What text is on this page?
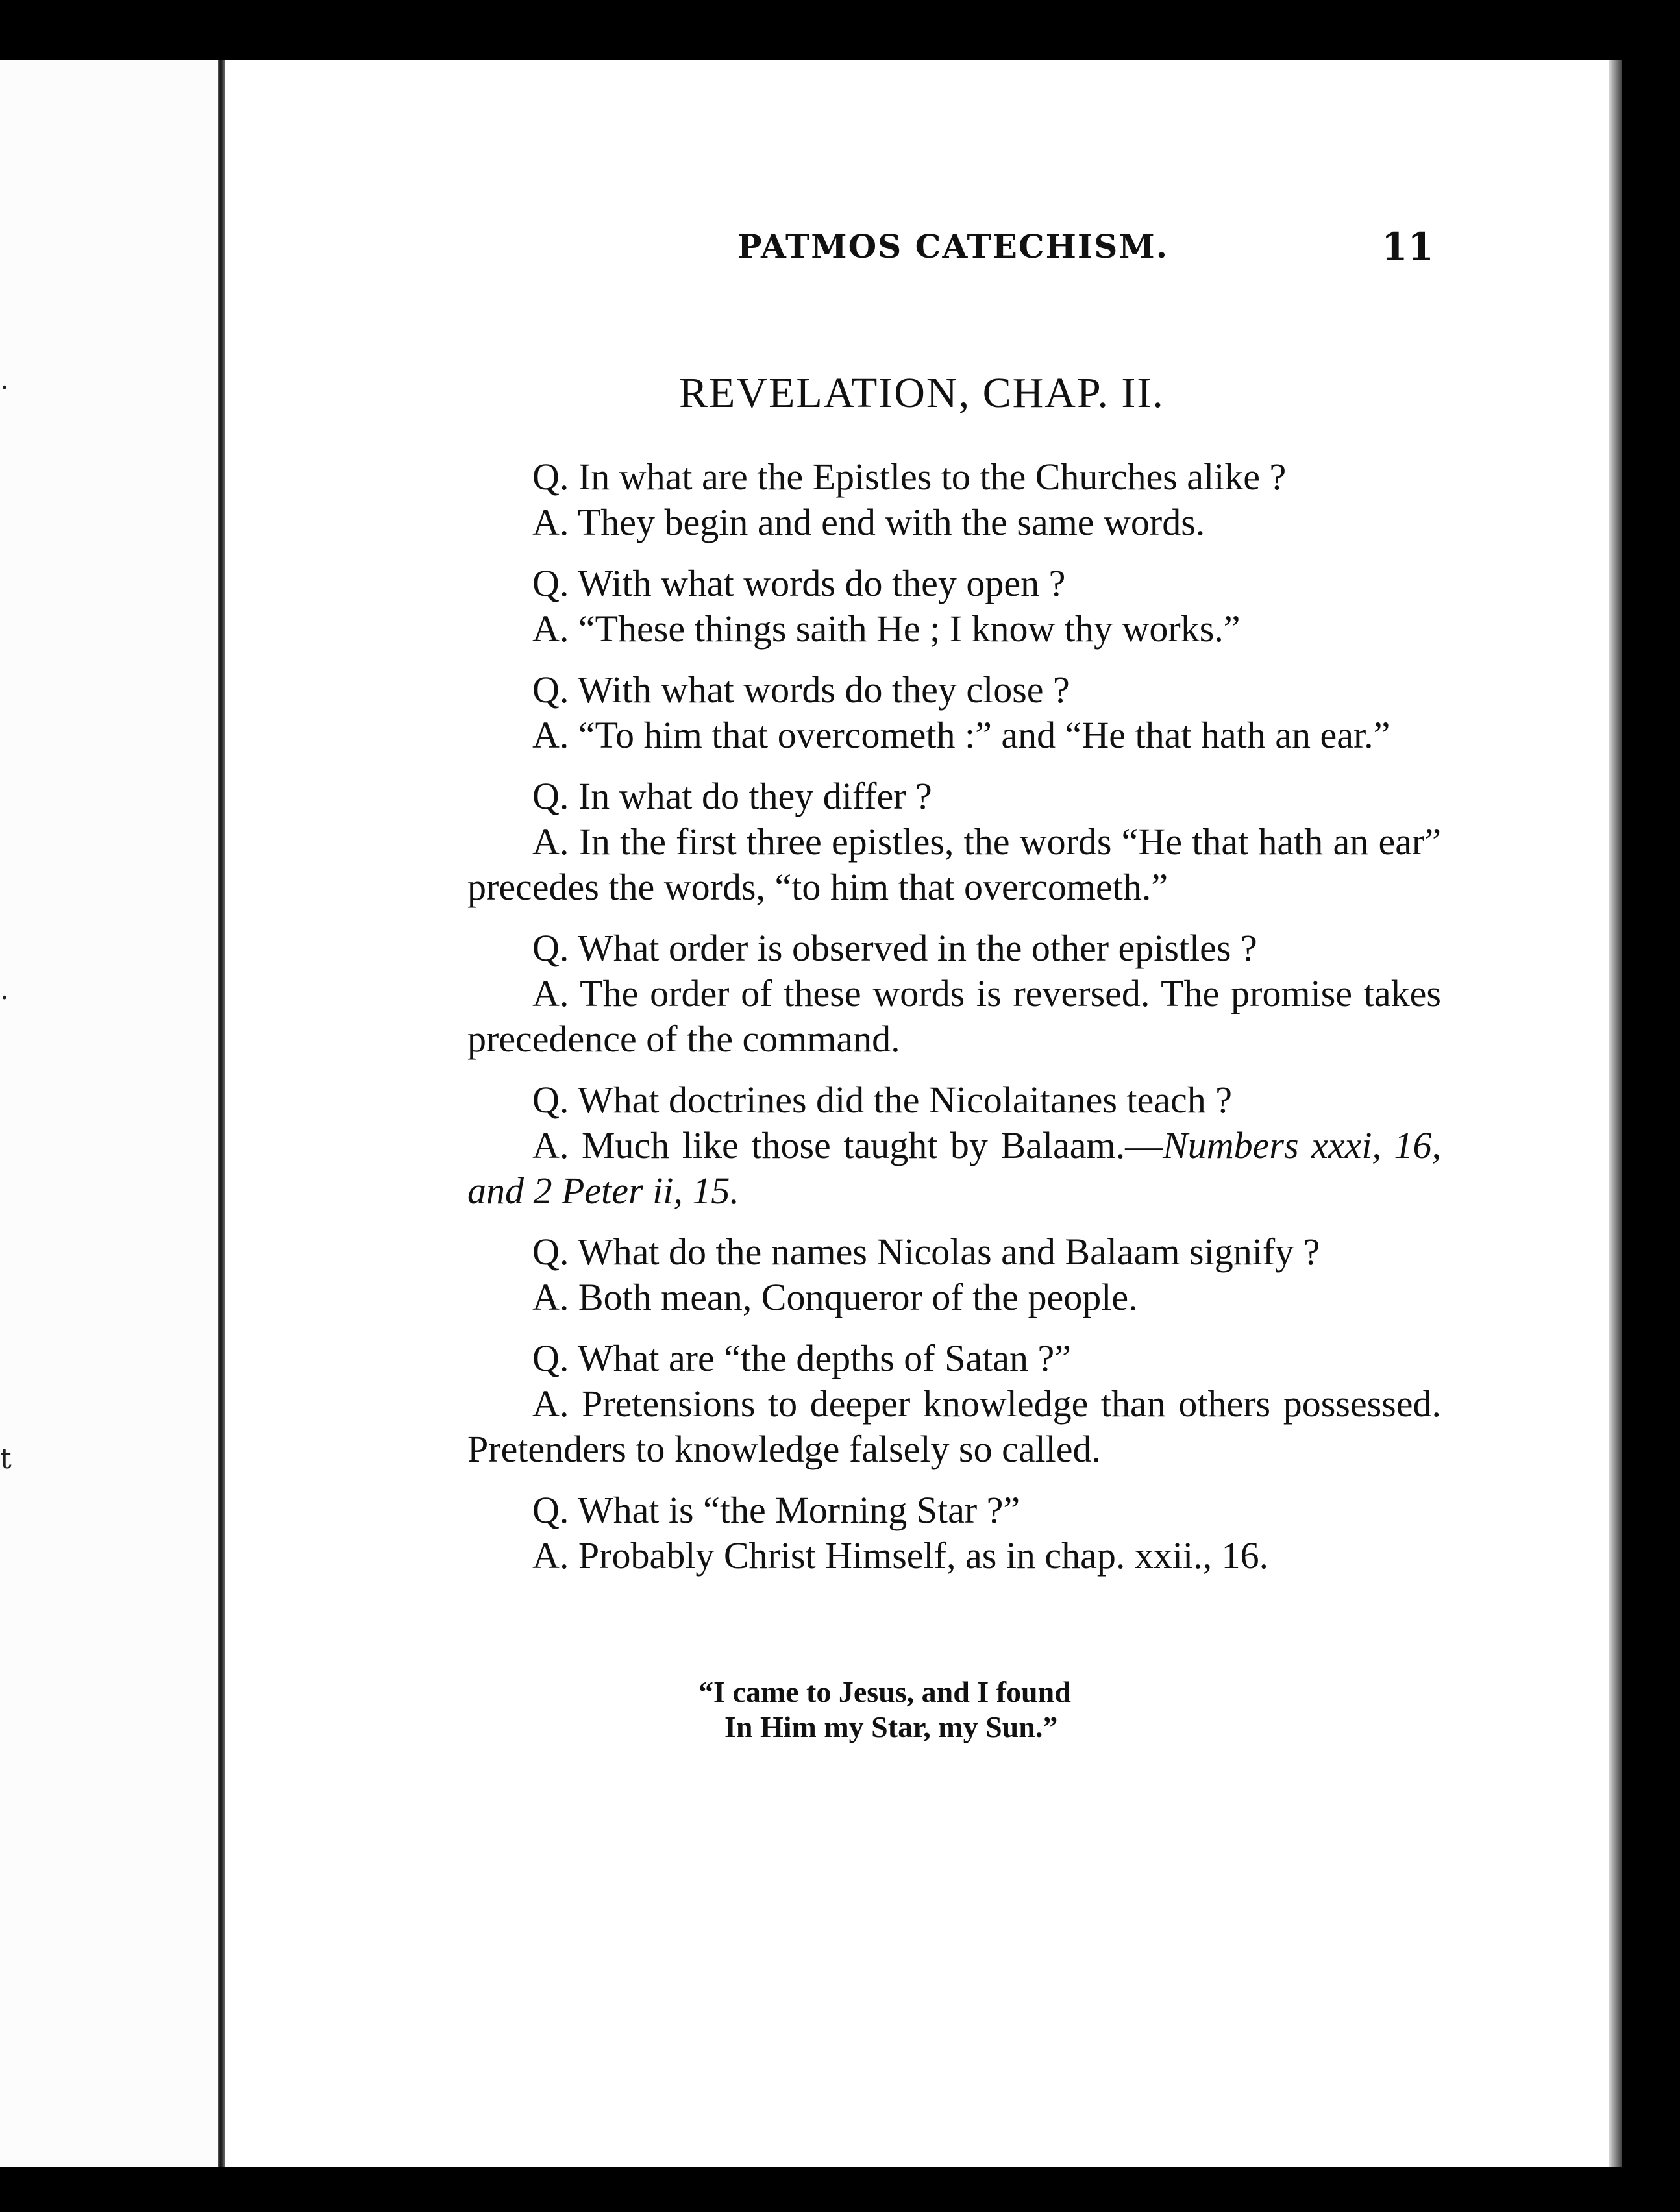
·
·
t
PATMOS CATECHISM.	11
REVELATION, CHAP. II.

Q. In what are the Epistles to the Churches alike ?

A. They begin and end with the same words.

Q. With what words do they open ?

A. “These things saith He ; I know thy works.”

Q. With what words do they close ?

A. “To him that overcometh :” and “He that hath an ear.”

Q. In what do they differ ?

A. In the first three epistles, the words “He that hath an ear” precedes the words, “to him that overcometh.”

Q. What order is observed in the other epistles ?

A. The order of these words is reversed. The promise takes precedence of the command.

Q. What doctrines did the Nicolaitanes teach ?

A. Much like those taught by Balaam.—Numbers xxxi, 16, and 2 Peter ii, 15.

Q. What do the names Nicolas and Balaam signify ?

A. Both mean, Conqueror of the people.

Q. What are “the depths of Satan ?”

A. Pretensions to deeper knowledge than others possessed. Pretenders to knowledge falsely so called.

Q. What is “the Morning Star ?”

A. Probably Christ Himself, as in chap. xxii., 16.

“I came to Jesus, and I found
In Him my Star, my Sun.”
